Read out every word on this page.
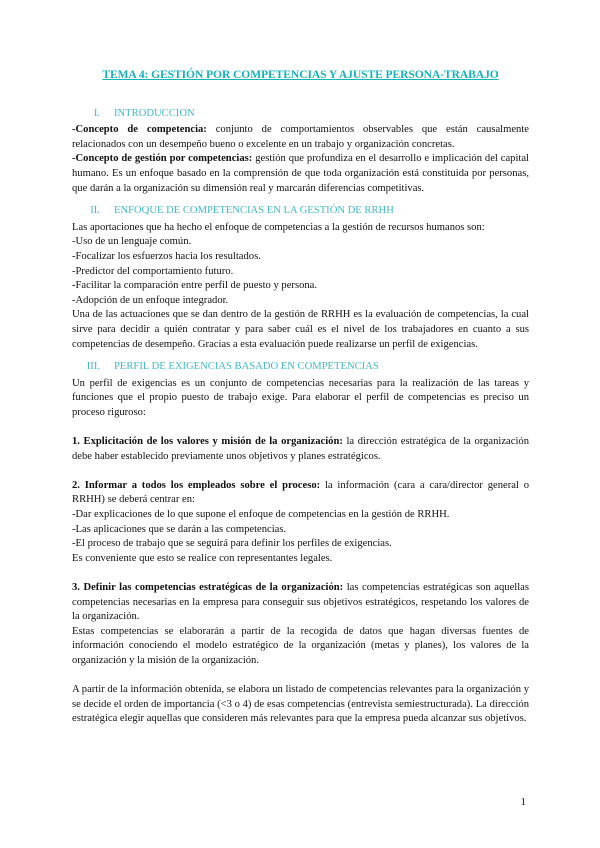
TEMA 4: GESTIÓN POR COMPETENCIAS Y AJUSTE PERSONA-TRABAJO
I. INTRODUCCION

-Concepto de competencia: conjunto de comportamientos observables que están causalmente relacionados con un desempeño bueno o excelente en un trabajo y organización concretas.

-Concepto de gestión por competencias: gestión que profundiza en el desarrollo e implicación del capital humano. Es un enfoque basado en la comprensión de que toda organización está constituida por personas, que darán a la organización su dimensión real y marcarán diferencias competitivas.

II. ENFOQUE DE COMPETENCIAS EN LA GESTIÓN DE RRHH

Las aportaciones que ha hecho el enfoque de competencias a la gestión de recursos humanos son:

-Uso de un lenguaje común.

-Focalizar los esfuerzos hacia los resultados.

-Predictor del comportamiento futuro.

-Facilitar la comparación entre perfil de puesto y persona.

-Adopción de un enfoque integrador.

Una de las actuaciones que se dan dentro de la gestión de RRHH es la evaluación de competencias, la cual sirve para decidir a quién contratar y para saber cuál es el nivel de los trabajadores en cuanto a sus competencias de desempeño. Gracias a esta evaluación puede realizarse un perfil de exigencias.

III. PERFIL DE EXIGENCIAS BASADO EN COMPETENCIAS

Un perfil de exigencias es un conjunto de competencias necesarias para la realización de las tareas y funciones que el propio puesto de trabajo exige. Para elaborar el perfil de competencias es preciso un proceso riguroso:

1. Explicitación de los valores y misión de la organización: la dirección estratégica de la organización debe haber establecido previamente unos objetivos y planes estratégicos.

2. Informar a todos los empleados sobre el proceso: la información (cara a cara/director general o RRHH) se deberá centrar en:

-Dar explicaciones de lo que supone el enfoque de competencias en la gestión de RRHH.

-Las aplicaciones que se darán a las competencias.

-El proceso de trabajo que se seguirá para definir los perfiles de exigencias.

Es conveniente que esto se realice con representantes legales.

3. Definir las competencias estratégicas de la organización: las competencias estratégicas son aquellas competencias necesarias en la empresa para conseguir sus objetivos estratégicos, respetando los valores de la organización.

Estas competencias se elaborarán a partir de la recogida de datos que hagan diversas fuentes de información conociendo el modelo estratégico de la organización (metas y planes), los valores de la organización y la misión de la organización.

A partir de la información obtenida, se elabora un listado de competencias relevantes para la organización y se decide el orden de importancia (<3 o 4) de esas competencias (entrevista semiestructurada). La dirección estratégica elegir aquellas que consideren más relevantes para que la empresa pueda alcanzar sus objetivos.

1
